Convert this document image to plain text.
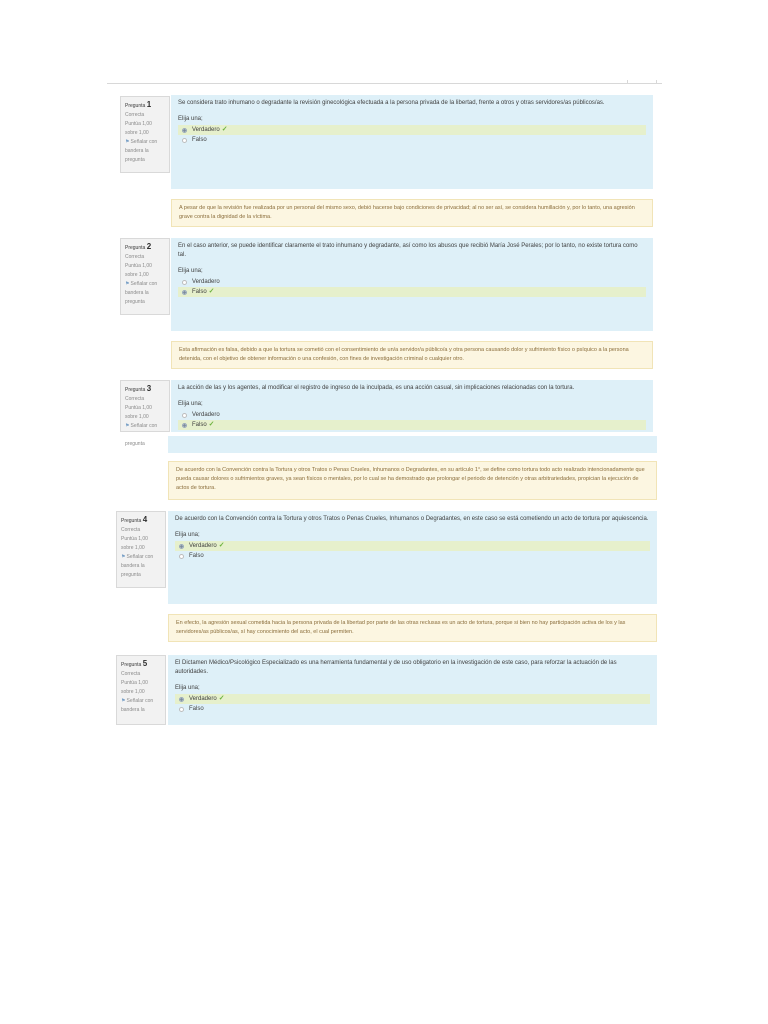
Pregunta 1
Correcta
Puntúa 1,00 sobre 1,00
⚑Señalar con bandera la pregunta
Se considera trato inhumano o degradante la revisión ginecológica efectuada a la persona privada de la libertad, frente a otros y otras servidores/as públicos/as.
Elija una;
Verdadero ✓
Falso
A pesar de que la revisión fue realizada por un personal del mismo sexo, debió hacerse bajo condiciones de privacidad; al no ser así, se considera humillación y, por lo tanto, una agresión grave contra la dignidad de la víctima.
Pregunta 2
Correcta
Puntúa 1,00 sobre 1,00
⚑Señalar con bandera la pregunta
En el caso anterior, se puede identificar claramente el trato inhumano y degradante, así como los abusos que recibió María José Perales; por lo tanto, no existe tortura como tal.
Elija una;
Verdadero
Falso ✓
Esta afirmación es falsa, debido a que la tortura se cometió con el consentimiento de un/a servidor/a público/a y otra persona causando dolor y sufrimiento físico o psíquico a la persona detenida, con el objetivo de obtener información o una confesión, con fines de investigación criminal o cualquier otro.
Pregunta 3
Correcta
Puntúa 1,00 sobre 1,00
⚑Señalar con pregunta
La acción de las y los agentes, al modificar el registro de ingreso de la inculpada, es una acción casual, sin implicaciones relacionadas con la tortura.
Elija una;
Verdadero
Falso ✓
De acuerdo con la Convención contra la Tortura y otros Tratos o Penas Crueles, Inhumanos o Degradantes, en su artículo 1°, se define como tortura todo acto realizado intencionadamente que pueda causar dolores o sufrimientos graves, ya sean físicos o mentales, por lo cual se ha demostrado que prolongar el periodo de detención y otras arbitrariedades, propician la ejecución de actos de tortura.
Pregunta 4
Correcta
Puntúa 1,00 sobre 1,00
⚑Señalar con bandera la pregunta
De acuerdo con la Convención contra la Tortura y otros Tratos o Penas Crueles, Inhumanos o Degradantes, en este caso se está cometiendo un acto de tortura por aquiescencia.
Elija una;
Verdadero ✓
Falso
En efecto, la agresión sexual cometida hacia la persona privada de la libertad por parte de las otras reclusas es un acto de tortura, porque si bien no hay participación activa de los y las servidores/as públicos/as, sí hay conocimiento del acto, el cual permiten.
Pregunta 5
Correcta
Puntúa 1,00 sobre 1,00
⚑Señalar con bandera la
El Dictamen Médico/Psicológico Especializado es una herramienta fundamental y de uso obligatorio en la investigación de este caso, para reforzar la actuación de las autoridades.
Elija una;
Verdadero ✓
Falso
